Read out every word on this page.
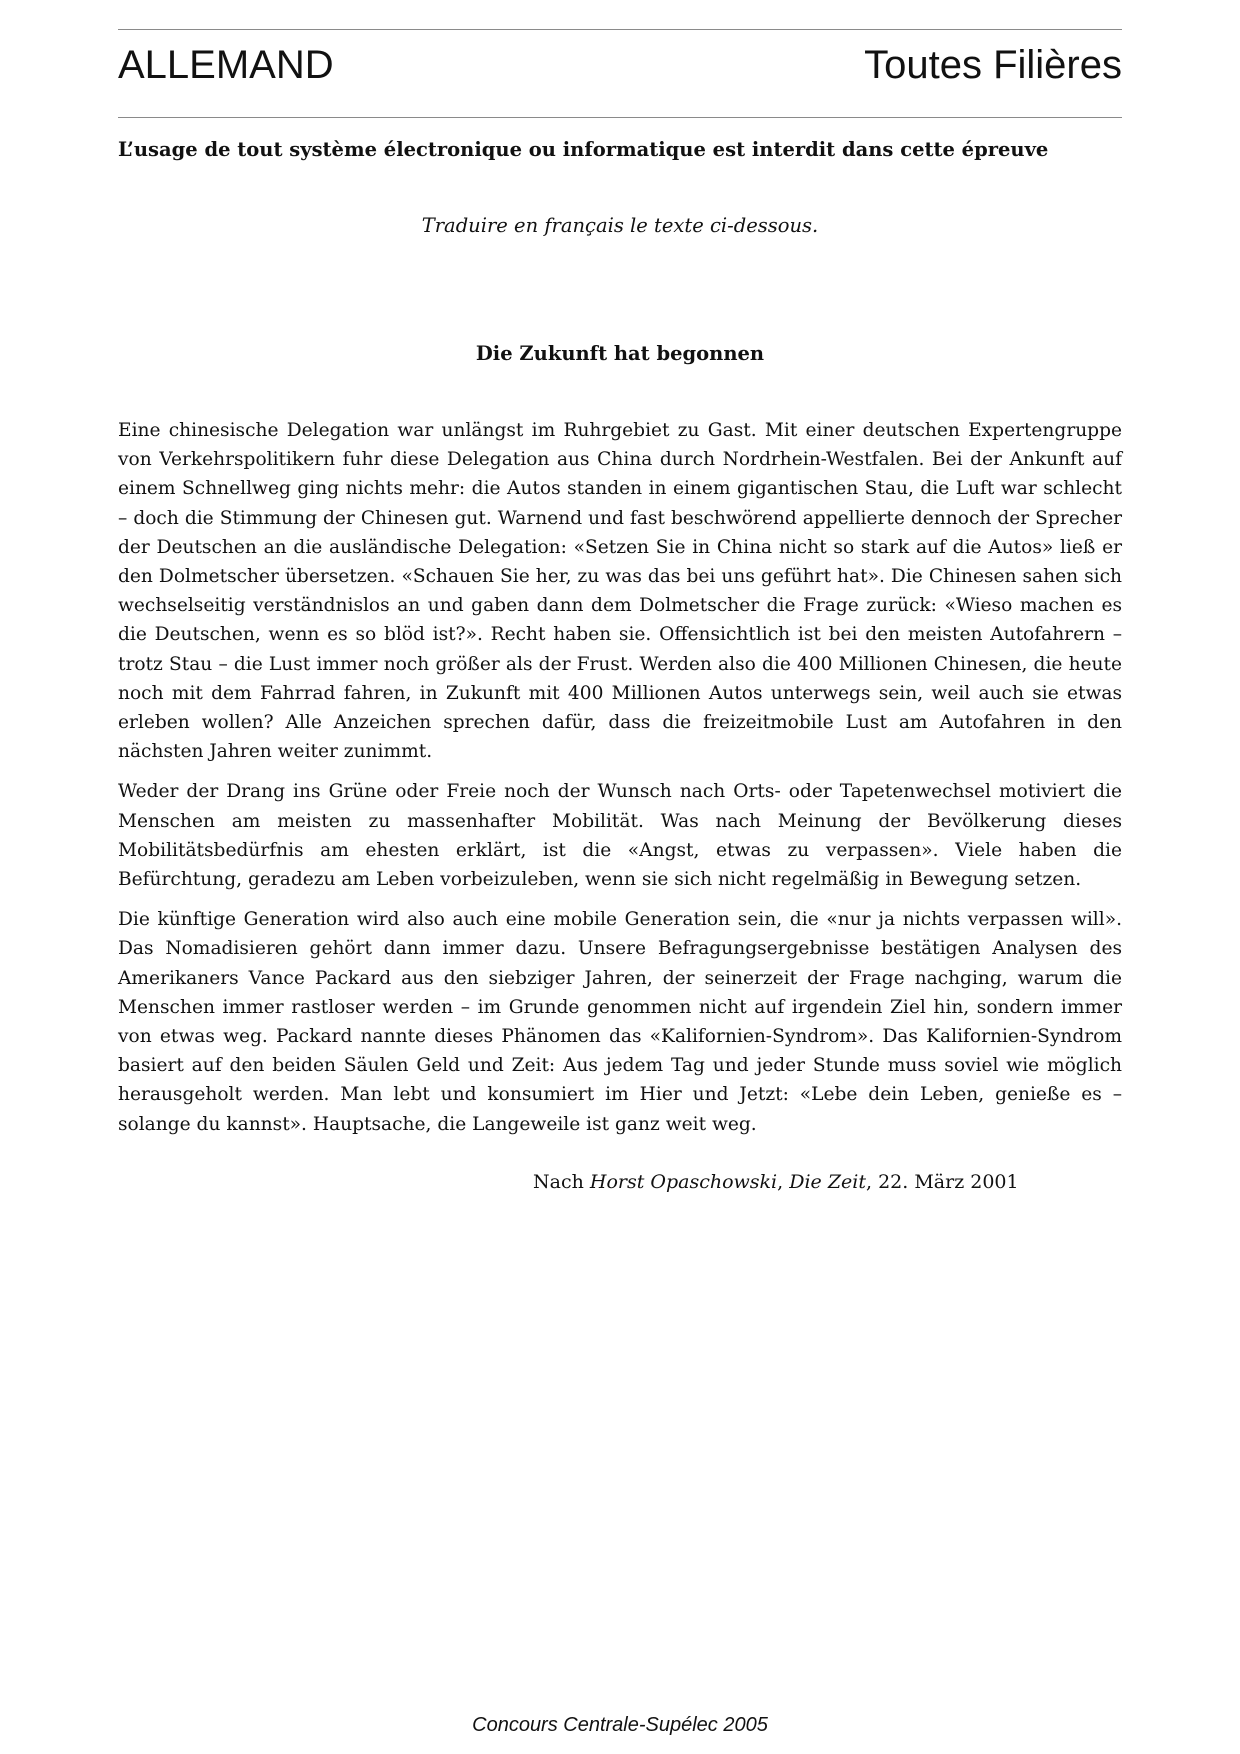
ALLEMAND	Toutes Filières
L’usage de tout système électronique ou informatique est interdit dans cette épreuve
Traduire en français le texte ci-dessous.
Die Zukunft hat begonnen

Eine chinesische Delegation war unlängst im Ruhrgebiet zu Gast. Mit einer deutschen Expertengruppe von Verkehrspolitikern fuhr diese Delegation aus China durch Nordrhein-Westfalen. Bei der Ankunft auf einem Schnellweg ging nichts mehr: die Autos standen in einem gigantischen Stau, die Luft war schlecht – doch die Stimmung der Chinesen gut. Warnend und fast beschwörend appellierte dennoch der Sprecher der Deutschen an die ausländische Delegation: «Setzen Sie in China nicht so stark auf die Autos» ließ er den Dolmetscher übersetzen. «Schauen Sie her, zu was das bei uns geführt hat». Die Chinesen sahen sich wechselseitig verständnislos an und gaben dann dem Dolmetscher die Frage zurück: «Wieso machen es die Deutschen, wenn es so blöd ist?». Recht haben sie. Offensichtlich ist bei den meisten Autofahrern – trotz Stau – die Lust immer noch größer als der Frust. Werden also die 400 Millionen Chinesen, die heute noch mit dem Fahrrad fahren, in Zukunft mit 400 Millionen Autos unterwegs sein, weil auch sie etwas erleben wollen? Alle Anzeichen sprechen dafür, dass die freizeitmobile Lust am Autofahren in den nächsten Jahren weiter zunimmt.

Weder der Drang ins Grüne oder Freie noch der Wunsch nach Orts- oder Tapetenwechsel motiviert die Menschen am meisten zu massenhafter Mobilität. Was nach Meinung der Bevölkerung dieses Mobilitätsbedürfnis am ehesten erklärt, ist die «Angst, etwas zu verpassen». Viele haben die Befürchtung, geradezu am Leben vorbeizuleben, wenn sie sich nicht regelmäßig in Bewegung setzen.

Die künftige Generation wird also auch eine mobile Generation sein, die «nur ja nichts verpassen will». Das Nomadisieren gehört dann immer dazu. Unsere Befragungsergebnisse bestätigen Analysen des Amerikaners Vance Packard aus den siebziger Jahren, der seinerzeit der Frage nachging, warum die Menschen immer rastloser werden – im Grunde genommen nicht auf irgendein Ziel hin, sondern immer von etwas weg. Packard nannte dieses Phänomen das «Kalifornien-Syndrom». Das Kalifornien-Syndrom basiert auf den beiden Säulen Geld und Zeit: Aus jedem Tag und jeder Stunde muss soviel wie möglich herausgeholt werden. Man lebt und konsumiert im Hier und Jetzt: «Lebe dein Leben, genieße es – solange du kannst». Hauptsache, die Langeweile ist ganz weit weg.

Nach Horst Opaschowski, Die Zeit, 22. März 2001
Concours Centrale-Supélec 2005
